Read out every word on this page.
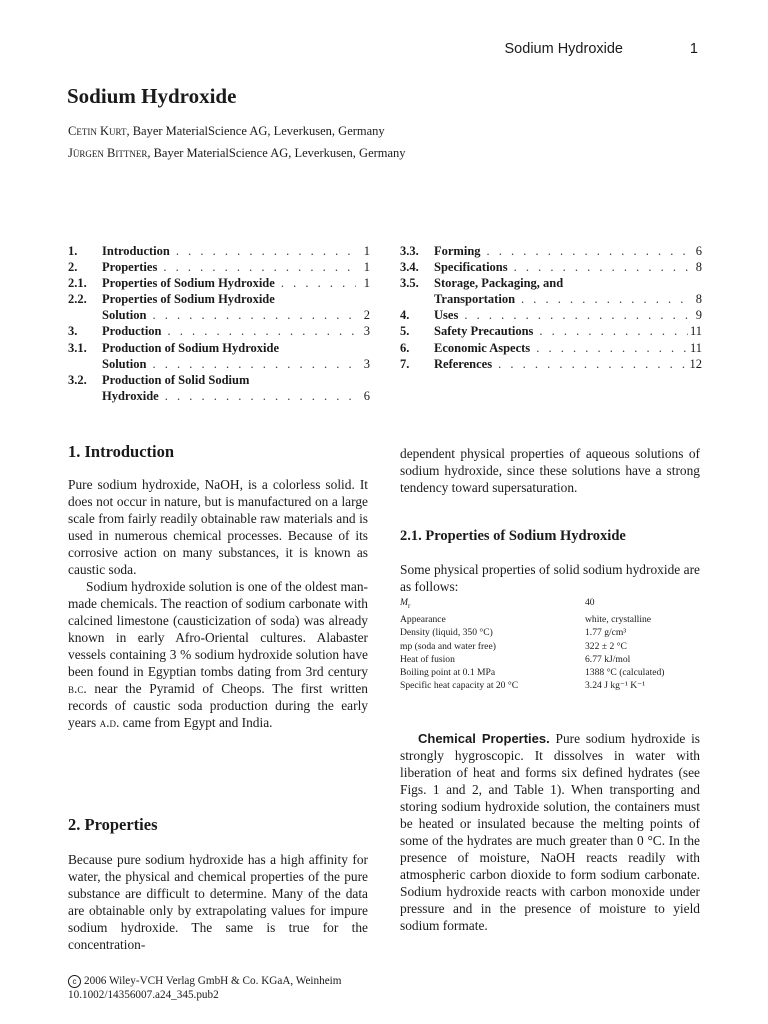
Sodium Hydroxide	1
Sodium Hydroxide
Cetin Kurt, Bayer MaterialScience AG, Leverkusen, Germany
Jürgen Bittner, Bayer MaterialScience AG, Leverkusen, Germany
1.	Introduction . . .	1
2.	Properties . . .	1
2.1.	Properties of Sodium Hydroxide . . .	1
2.2.	Properties of Sodium Hydroxide
Solution . . .	2
3.	Production . . .	3
3.1.	Production of Sodium Hydroxide
Solution . . .	3
3.2.	Production of Solid Sodium
Hydroxide . . .	6
3.3.	Forming . . .	6
3.4.	Specifications . . .	8
3.5.	Storage, Packaging, and
Transportation . . .	8
4.	Uses . . .	9
5.	Safety Precautions . . .	11
6.	Economic Aspects . . .	11
7.	References . . .	12
1. Introduction

Pure sodium hydroxide, NaOH, is a colorless solid. It does not occur in nature, but is manufactured on a large scale from fairly readily obtainable raw materials and is used in numerous chemical processes. Because of its corrosive action on many substances, it is known as caustic soda.

Sodium hydroxide solution is one of the oldest man-made chemicals. The reaction of sodium carbonate with calcined limestone (causticization of soda) was already known in early Afro-Oriental cultures. Alabaster vessels containing 3 % sodium hydroxide solution have been found in Egyptian tombs dating from 3rd century b.c. near the Pyramid of Cheops. The first written records of caustic soda production during the early years a.d. came from Egypt and India.

2. Properties

Because pure sodium hydroxide has a high affinity for water, the physical and chemical properties of the pure substance are difficult to determine. Many of the data are obtainable only by extrapolating values for impure sodium hydroxide. The same is true for the concentration-

dependent physical properties of aqueous solutions of sodium hydroxide, since these solutions have a strong tendency toward supersaturation.

2.1. Properties of Sodium Hydroxide

Some physical properties of solid sodium hydroxide are as follows:

$M_r$	40
Appearance	white, crystalline
Density (liquid, 350 °C)	1.77 g/cm³
mp (soda and water free)	322 ± 2 °C
Heat of fusion	6.77 kJ/mol
Boiling point at 0.1 MPa	1388 °C (calculated)
Specific heat capacity at 20 °C	3.24 J kg⁻¹ K⁻¹

Chemical Properties. Pure sodium hydroxide is strongly hygroscopic. It dissolves in water with liberation of heat and forms six defined hydrates (see Figs. 1 and 2, and Table 1). When transporting and storing sodium hydroxide solution, the containers must be heated or insulated because the melting points of some of the hydrates are much greater than 0 °C. In the presence of moisture, NaOH reacts readily with atmospheric carbon dioxide to form sodium carbonate. Sodium hydroxide reacts with carbon monoxide under pressure and in the presence of moisture to yield sodium formate.

c 2006 Wiley-VCH Verlag GmbH & Co. KGaA, Weinheim
10.1002/14356007.a24_345.pub2
